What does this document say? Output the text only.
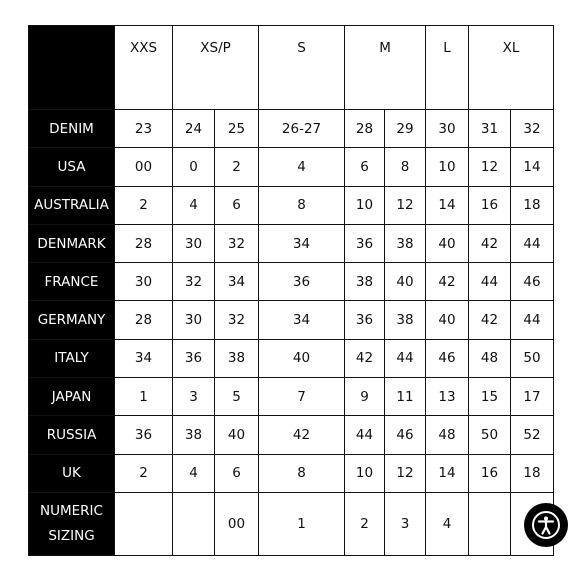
	XXS	XS/P		S	M		L	XL	
DENIM	23	24	25	26-27	28	29	30	31	32
USA	00	0	2	4	6	8	10	12	14
AUSTRALIA	2	4	6	8	10	12	14	16	18
DENMARK	28	30	32	34	36	38	40	42	44
FRANCE	30	32	34	36	38	40	42	44	46
GERMANY	28	30	32	34	36	38	40	42	44
ITALY	34	36	38	40	42	44	46	48	50
JAPAN	1	3	5	7	9	11	13	15	17
RUSSIA	36	38	40	42	44	46	48	50	52
UK	2	4	6	8	10	12	14	16	18
NUMERIC
SIZING			00	1	2	3	4		
